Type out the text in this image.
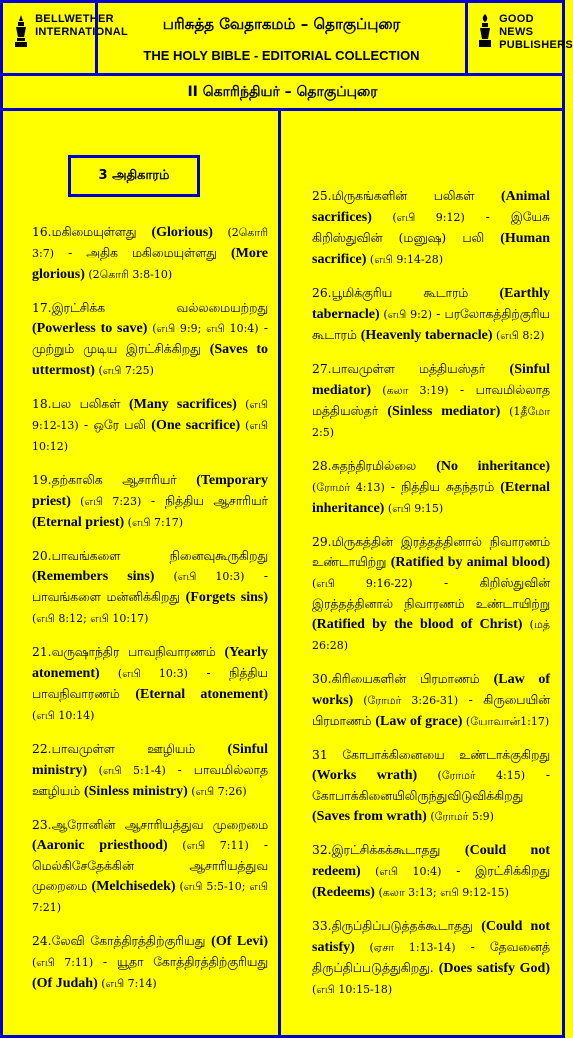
BELLWETHER INTERNATIONAL	பரிசுத்த வேதாகமம் – தொகுப்புரை
THE HOLY BIBLE - EDITORIAL COLLECTION
GOOD NEWS PUBLISHERS
II கொரிந்தியர் – தொகுப்புரை
3 அதிகாரம்
16.மகிமையுள்ளது (Glorious) (2கொரி 3:7) - அதிக மகிமையுள்ளது (More glorious) (2கொரி 3:8-10)
17.இரட்சிக்க வல்லமையற்றது (Powerless to save) (எபி 9:9; எபி 10:4) - முற்றும் முடிய இரட்சிக்கிறது (Saves to uttermost) (எபி 7:25)
18.பல பலிகள் (Many sacrifices) (எபி 9:12-13) - ஒரே பலி (One sacrifice) (எபி 10:12)
19.தற்காலிக ஆசாரியர் (Temporary priest) (எபி 7:23) - நித்திய ஆசாரியர் (Eternal priest) (எபி 7:17)
20.பாவங்களை நினைவுகூருகிறது (Remembers sins) (எபி 10:3) - பாவங்களை மன்னிக்கிறது (Forgets sins) (எபி 8:12; எபி 10:17)
21.வருஷாந்திர பாவநிவாரணம் (Yearly atonement) (எபி 10:3) - நித்திய பாவநிவாரணம் (Eternal atonement) (எபி 10:14)
22.பாவமுள்ள ஊழியம் (Sinful ministry) (எபி 5:1-4) - பாவமில்லாத ஊழியம் (Sinless ministry) (எபி 7:26)
23.ஆரோனின் ஆசாரியத்துவ முறைமை (Aaronic priesthood) (எபி 7:11) - மெல்கிசேதேக்கின் ஆசாரியத்துவ முறைமை (Melchisedek) (எபி 5:5-10; எபி 7:21)
24.லேவி கோத்திரத்திற்குரியது (Of Levi) (எபி 7:11) - யூதா கோத்திரத்திற்குரியது (Of Judah) (எபி 7:14)
25.மிருகங்களின் பலிகள் (Animal sacrifices) (எபி 9:12) - இயேசு கிறிஸ்துவின் (மனுஷ) பலி (Human sacrifice) (எபி 9:14-28)
26.பூமிக்குரிய கூடாரம் (Earthly tabernacle) (எபி 9:2) - பரலோகத்திற்குரிய கூடாரம் (Heavenly tabernacle) (எபி 8:2)
27.பாவமுள்ள மத்தியஸ்தர் (Sinful mediator) (கலா 3:19) - பாவமில்லாத மத்தியஸ்தர் (Sinless mediator) (1தீமோ 2:5)
28.சுதந்திரமில்லை (No inheritance) (ரோமர் 4:13) - நித்திய சுதந்தரம் (Eternal inheritance) (எபி 9:15)
29.மிருகத்தின் இரத்தத்தினால் நிவாரணம் உண்டாயிற்று (Ratified by animal blood) (எபி 9:16-22) - கிறிஸ்துவின் இரத்தத்தினால் நிவாரணம் உண்டாயிற்று (Ratified by the blood of Christ) (மத் 26:28)
30.கிரியைகளின் பிரமாணம் (Law of works) (ரோமர் 3:26-31) - கிருபையின் பிரமாணம் (Law of grace) (யோவான்1:17)
31 கோபாக்கினையை உண்டாக்குகிறது (Works wrath) (ரோமர் 4:15) - கோபாக்கினையிலிருந்துவிடுவிக்கிறது (Saves from wrath) (ரோமர் 5:9)
32.இரட்சிக்கக்கூடாதது (Could not redeem) (எபி 10:4) - இரட்சிக்கிறது (Redeems) (கலா 3:13; எபி 9:12-15)
33.திருப்திப்படுத்தக்கூடாதது (Could not satisfy) (ஏசா 1:13-14) - தேவனைத் திருப்திப்படுத்துகிறது. (Does satisfy God) (எபி 10:15-18)
